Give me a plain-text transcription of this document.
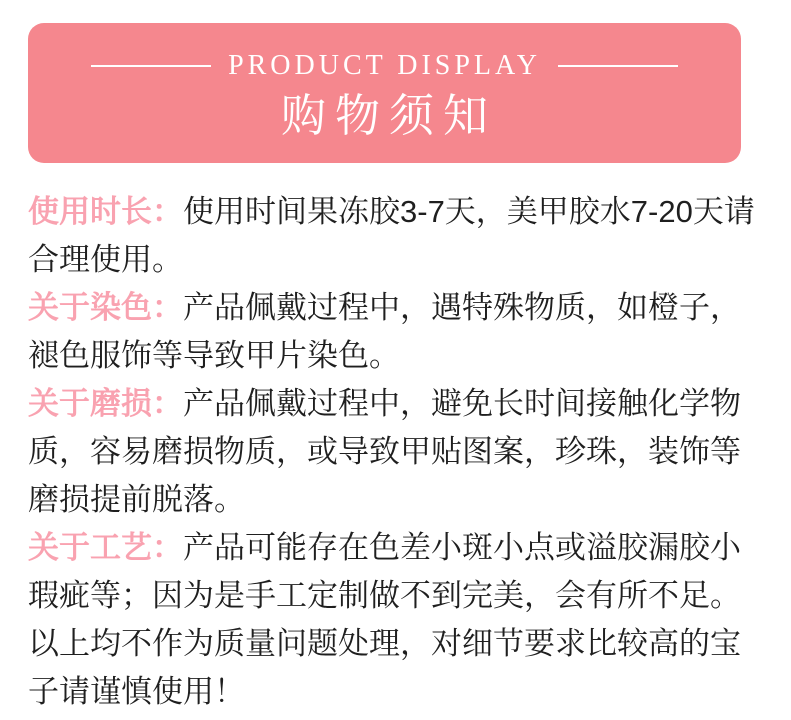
PRODUCT DISPLAY
购物须知
使用时长：使用时间果冻胶3-7天，美甲胶水7-20天请
合理使用。
关于染色：产品佩戴过程中，遇特殊物质，如橙子，
褪色服饰等导致甲片染色。
关于磨损：产品佩戴过程中，避免长时间接触化学物
质，容易磨损物质，或导致甲贴图案，珍珠，装饰等
磨损提前脱落。
关于工艺：产品可能存在色差小斑小点或溢胶漏胶小
瑕疵等；因为是手工定制做不到完美，会有所不足。
以上均不作为质量问题处理，对细节要求比较高的宝
子请谨慎使用！
